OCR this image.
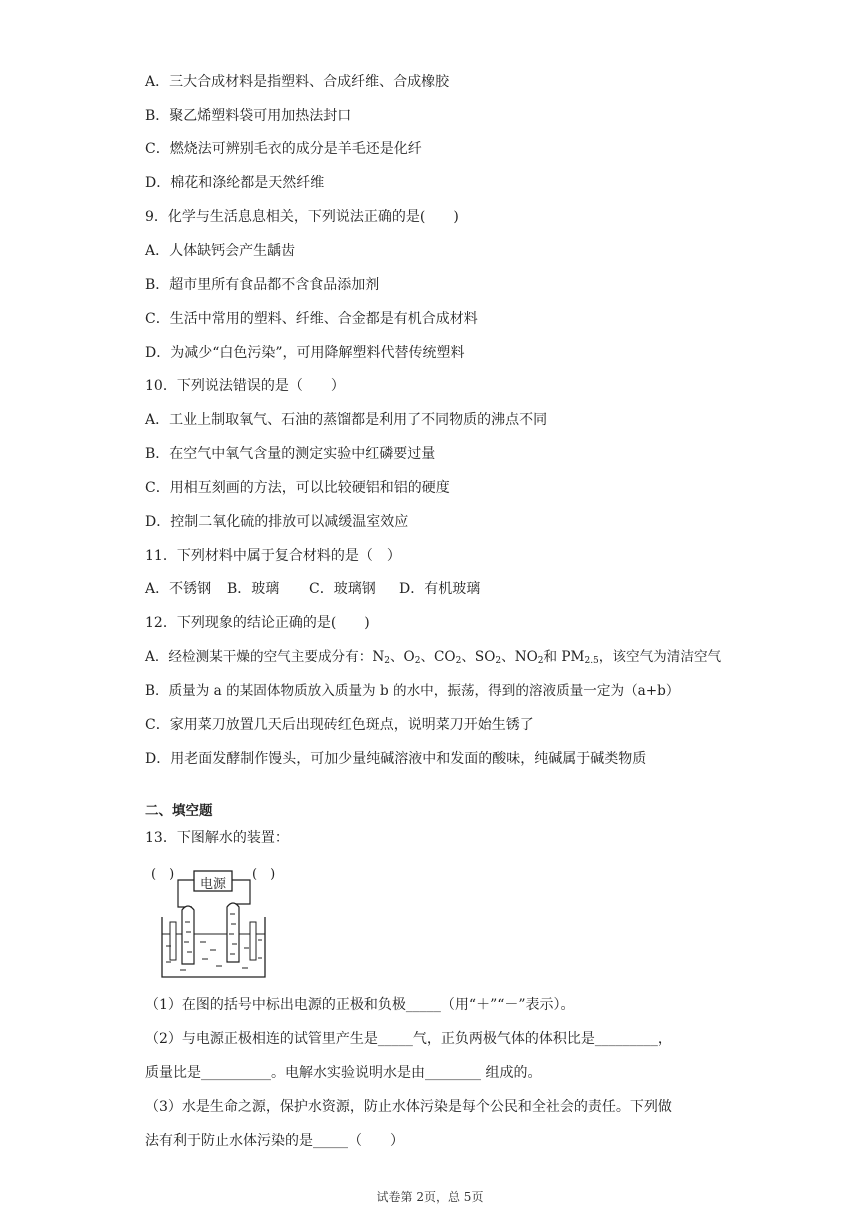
A．三大合成材料是指塑料、合成纤维、合成橡胶
B．聚乙烯塑料袋可用加热法封口
C．燃烧法可辨别毛衣的成分是羊毛还是化纤
D．棉花和涤纶都是天然纤维
9．化学与生活息息相关，下列说法正确的是(　　)
A．人体缺钙会产生龋齿
B．超市里所有食品都不含食品添加剂
C．生活中常用的塑料、纤维、合金都是有机合成材料
D．为减少“白色污染”，可用降解塑料代替传统塑料
10．下列说法错误的是（　　）
A．工业上制取氧气、石油的蒸馏都是利用了不同物质的沸点不同
B．在空气中氧气含量的测定实验中红磷要过量
C．用相互刻画的方法，可以比较硬铝和铝的硬度
D．控制二氧化硫的排放可以减缓温室效应
11．下列材料中属于复合材料的是（　）
A．不锈钢 B．玻璃 C．玻璃钢 D．有机玻璃
12．下列现象的结论正确的是(　　)
A．经检测某干燥的空气主要成分有：$N_2$、$O_2$、$CO_2$、$SO_2$、$NO_2$和 $PM_{2.5}$，该空气为清洁空气
B．质量为 a 的某固体物质放入质量为 b 的水中，振荡，得到的溶液质量一定为（a+b）
C．家用菜刀放置几天后出现砖红色斑点，说明菜刀开始生锈了
D．用老面发酵制作馒头，可加少量纯碱溶液中和发面的酸味，纯碱属于碱类物质
二、填空题
13．下图解水的装置：
(　)	(　)
电源
（1）在图的括号中标出电源的正极和负极_____（用“＋”“－”表示）。
（2）与电源正极相连的试管里产生是_____气，正负两极气体的体积比是_________，
质量比是__________。电解水实验说明水是由________ 组成的。
（3）水是生命之源，保护水资源，防止水体污染是每个公民和全社会的责任。下列做
法有利于防止水体污染的是_____（　　）
试卷第 2页，总 5页
